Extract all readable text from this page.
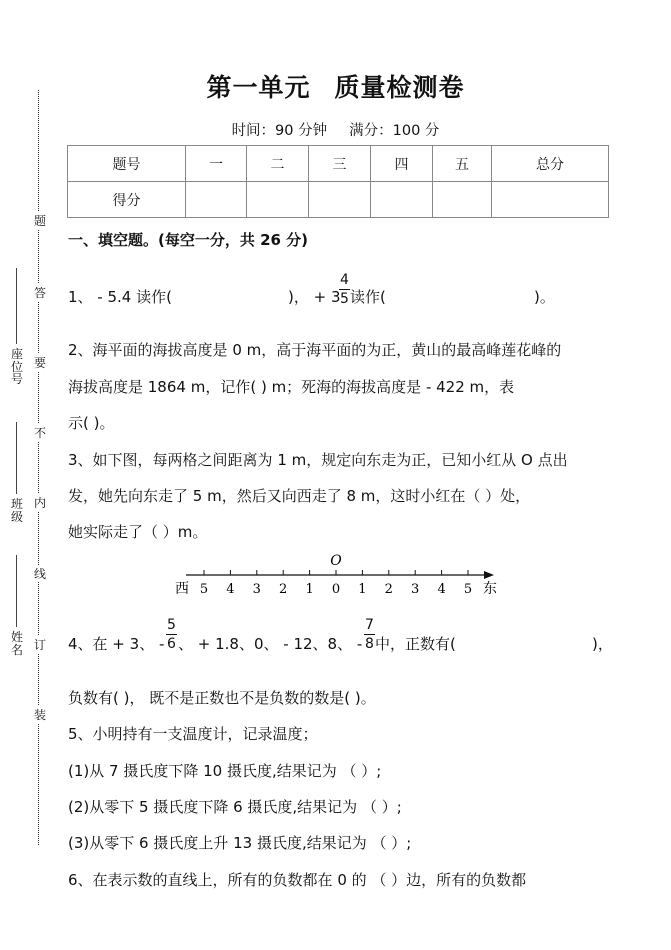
题
答
要
不
内
线
订
装
座位号
班级
姓名
第一单元 质量检测卷
时间：90 分钟 满分：100 分
题号	一	二	三	四	五	总分
得分						
一、填空题。(每空一分，共 26 分)
1、 - 5.4 读作(	)， + 3
$\frac{4}{5}$ 读作(	)。
2、海平面的海拔高度是 0 m，高于海平面的为正，黄山的最高峰莲花峰的
海拔高度是 1864 m，记作( ) m；死海的海拔高度是 - 422 m，表
示( )。
3、如下图，每两格之间距离为 1 m，规定向东走为正，已知小红从 O 点出
发，她先向东走了 5 m，然后又向西走了 8 m，这时小红在（ ）处，
她实际走了（ ）m。
O
西	东
5 4 3 2 1 0 1 2 3 4 5
4、在 + 3、 - $\frac{5}{6}$ 、 + 1.8、0、 - 12、8、 - $\frac{7}{8}$ 中，正数有(	)，
负数有( )， 既不是正数也不是负数的数是( )。
5、小明持有一支温度计，记录温度；
(1)从 7 摄氏度下降 10 摄氏度,结果记为 （ ）;
(2)从零下 5 摄氏度下降 6 摄氏度,结果记为 （ ）;
(3)从零下 6 摄氏度上升 13 摄氏度,结果记为 （ ）;
6、在表示数的直线上，所有的负数都在 0 的 （ ）边，所有的负数都
